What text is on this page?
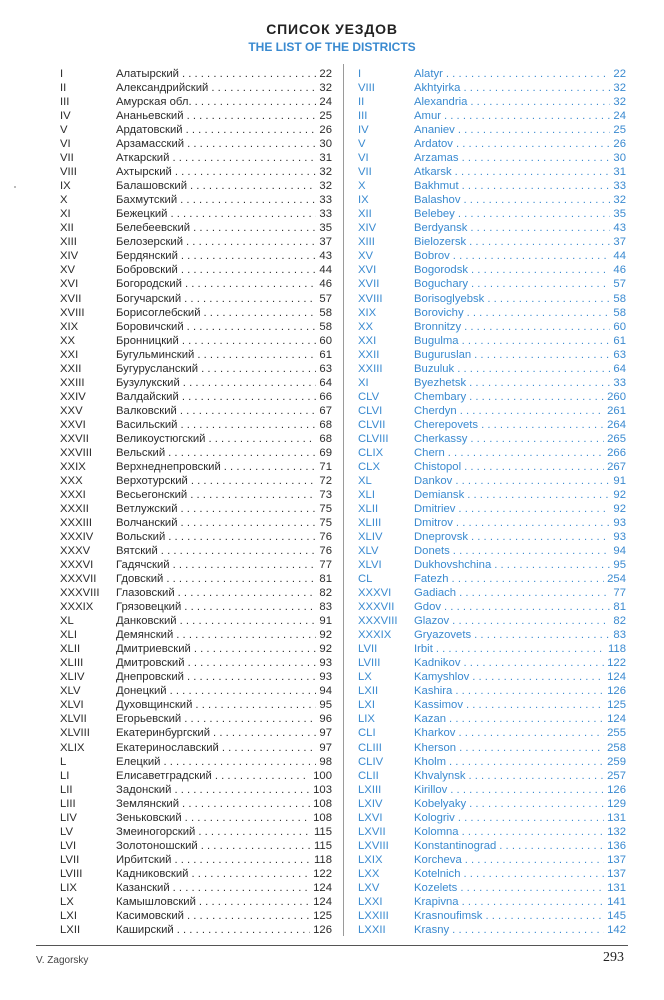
СПИСОК УЕЗДОВ
THE LIST OF THE DISTRICTS
I	Алатырский . . .	22
II	Александрийский . . .	32
III	Амурская обл. . . .	24
IV	Ананьевский . . .	25
V	Ардатовский . . .	26
VI	Арзамасский . . .	30
VII	Аткарский . . .	31
VIII	Ахтырский . . .	32
IX	Балашовский . . .	32
X	Бахмутский . . .	33
XI	Бежецкий . . .	33
XII	Белебеевский . . .	35
XIII	Белозерский . . .	37
XIV	Бердянский . . .	43
XV	Бобровский . . .	44
XVI	Богородский . . .	46
XVII	Богучарский . . .	57
XVIII	Борисоглебский . . .	58
XIX	Боровичский . . .	58
XX	Бронницкий . . .	60
XXI	Бугульминский . . .	61
XXII	Бугурусланский . . .	63
XXIII	Бузулукский . . .	64
XXIV	Валдайский . . .	66
XXV	Валковский . . .	67
XXVI	Васильский . . .	68
XXVII	Великоустюгский . . .	68
XXVIII	Вельский . . .	69
XXIX	Верхнеднепровский . . .	71
XXX	Верхотурский . . .	72
XXXI	Весьегонский . . .	73
XXXII	Ветлужский . . .	75
XXXIII	Волчанский . . .	75
XXXIV	Вольский . . .	76
XXXV	Вятский . . .	76
XXXVI	Гадячский . . .	77
XXXVII	Гдовский . . .	81
XXXVIII	Глазовский . . .	82
XXXIX	Грязовецкий . . .	83
XL	Данковский . . .	91
XLI	Демянский . . .	92
XLII	Дмитриевский . . .	92
XLIII	Дмитровский . . .	93
XLIV	Днепровский . . .	93
XLV	Донецкий . . .	94
XLVI	Духовщинский . . .	95
XLVII	Егорьевский . . .	96
XLVIII	Екатеринбургский . . .	97
XLIX	Екатеринославский . . .	97
L	Елецкий . . .	98
LI	Елисаветградский . . .	100
LII	Задонский . . .	103
LIII	Землянский . . .	108
LIV	Зеньковский . . .	108
LV	Змеиногорский . . .	115
LVI	Золотоношский . . .	115
LVII	Ирбитский . . .	118
LVIII	Кадниковский . . .	122
LIX	Казанский . . .	124
LX	Камышловский . . .	124
LXI	Касимовский . . .	125
LXII	Каширский . . .	126
I	Alatyr . . .	22
VIII	Akhtyirka . . .	32
II	Alexandria . . .	32
III	Amur . . .	24
IV	Ananiev . . .	25
V	Ardatov . . .	26
VI	Arzamas . . .	30
VII	Atkarsk . . .	31
X	Bakhmut . . .	33
IX	Balashov . . .	32
XII	Belebey . . .	35
XIV	Berdyansk . . .	43
XIII	Bielozersk . . .	37
XV	Bobrov . . .	44
XVI	Bogorodsk . . .	46
XVII	Boguchary . . .	57
XVIII	Borisoglyebsk . . .	58
XIX	Borovichy . . .	58
XX	Bronnitzy . . .	60
XXI	Bugulma . . .	61
XXII	Buguruslan . . .	63
XXIII	Buzuluk . . .	64
XI	Byezhetsk . . .	33
CLV	Chembary . . .	260
CLVI	Cherdyn . . .	261
CLVII	Cherepovets . . .	264
CLVIII	Cherkassy . . .	265
CLIX	Chern . . .	266
CLX	Chistopol . . .	267
XL	Dankov . . .	91
XLI	Demiansk . . .	92
XLII	Dmitriev . . .	92
XLIII	Dmitrov . . .	93
XLIV	Dneprovsk . . .	93
XLV	Donets . . .	94
XLVI	Dukhovshchina . . .	95
CL	Fatezh . . .	254
XXXVI	Gadiach . . .	77
XXXVII	Gdov . . .	81
XXXVIII	Glazov . . .	82
XXXIX	Gryazovets . . .	83
LVII	Irbit . . .	118
LVIII	Kadnikov . . .	122
LX	Kamyshlov . . .	124
LXII	Kashira . . .	126
LXI	Kassimov . . .	125
LIX	Kazan . . .	124
CLI	Kharkov . . .	255
CLIII	Kherson . . .	258
CLIV	Kholm . . .	259
CLII	Khvalynsk . . .	257
LXIII	Kirillov . . .	126
LXIV	Kobelyaky . . .	129
LXVI	Kologriv . . .	131
LXVII	Kolomna . . .	132
LXVIII	Konstantinograd . . .	136
LXIX	Korcheva . . .	137
LXX	Kotelnich . . .	137
LXV	Kozelets . . .	131
LXXI	Krapivna . . .	141
LXXIII	Krasnoufimsk . . .	145
LXXII	Krasny . . .	142
V. Zagorsky	293
